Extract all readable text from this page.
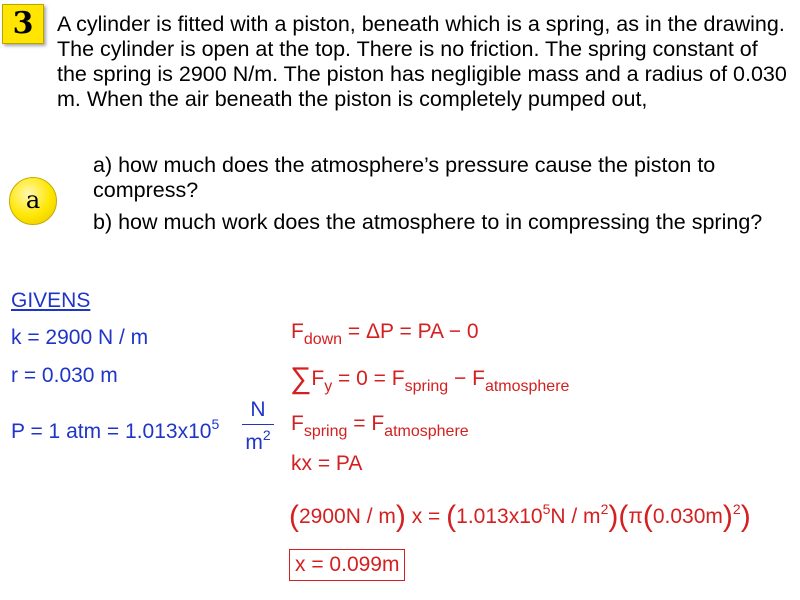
3	A cylinder is fitted with a piston, beneath which is a spring, as in the drawing. The cylinder is open at the top. There is no friction. The spring constant of the spring is 2900 N/m. The piston has negligible mass and a radius of 0.030 m. When the air beneath the piston is completely pumped out,

a) how much does the atmosphere’s pressure cause the piston to compress?

b) how much work does the atmosphere to in compressing the spring?

a
GIVENS
k = 2900 N / m
r = 0.030 m
P = 1 atm = $1.013x10^5$
N
$m^2$
$F_{down} = \Delta P$ = PA − 0
$\sum F_y = 0 = F_{spring} - F_{atmosphere}$
$F_{spring} = F_{atmosphere}$
kx = PA
(2900N / m) $x = (1.013x10^5N / m^2)(\pi(0.030m)^2)$
x = 0.099m
